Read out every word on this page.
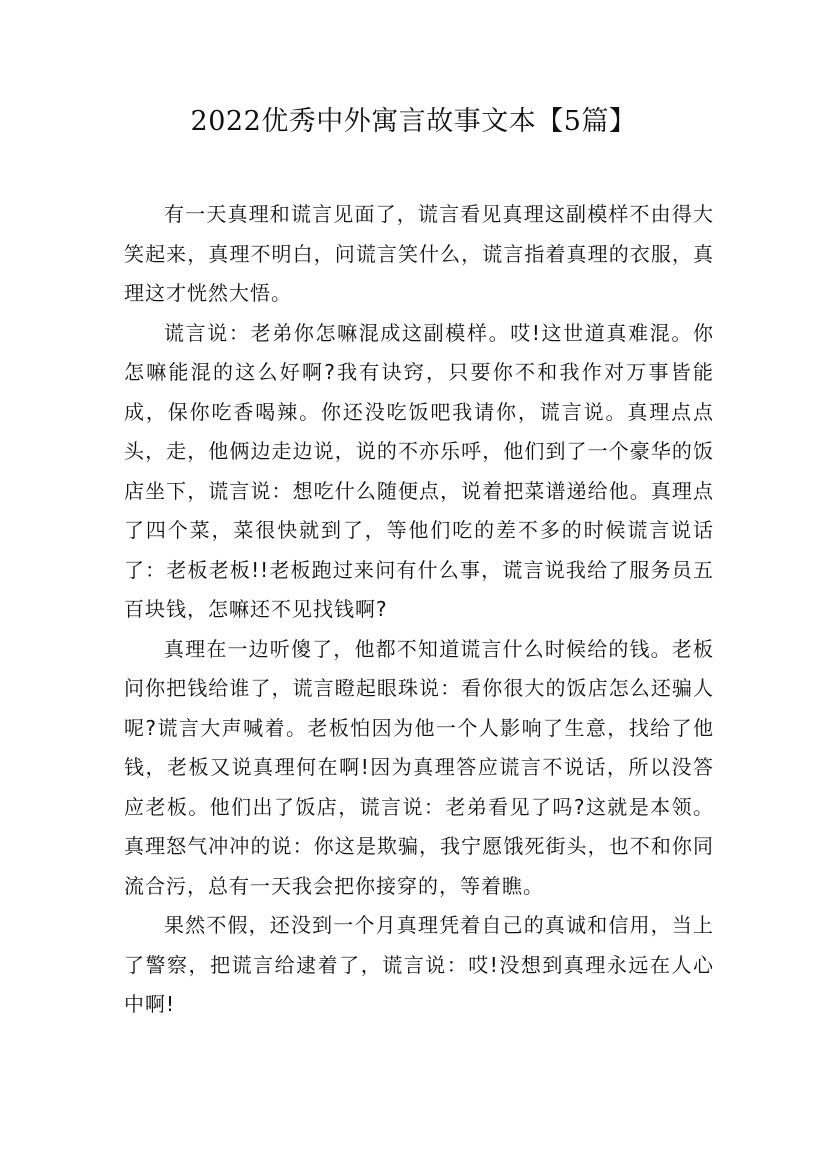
2022优秀中外寓言故事文本【5篇】

有一天真理和谎言见面了，谎言看见真理这副模样不由得大笑起来，真理不明白，问谎言笑什么，谎言指着真理的衣服，真理这才恍然大悟。

谎言说：老弟你怎嘛混成这副模样。哎!这世道真难混。你怎嘛能混的这么好啊?我有诀窍，只要你不和我作对万事皆能成，保你吃香喝辣。你还没吃饭吧我请你，谎言说。真理点点头，走，他俩边走边说，说的不亦乐呼，他们到了一个豪华的饭店坐下，谎言说：想吃什么随便点，说着把菜谱递给他。真理点了四个菜，菜很快就到了，等他们吃的差不多的时候谎言说话了：老板老板!!老板跑过来问有什么事，谎言说我给了服务员五百块钱，怎嘛还不见找钱啊?

真理在一边听傻了，他都不知道谎言什么时候给的钱。老板问你把钱给谁了，谎言瞪起眼珠说：看你很大的饭店怎么还骗人呢?谎言大声喊着。老板怕因为他一个人影响了生意，找给了他钱，老板又说真理何在啊!因为真理答应谎言不说话，所以没答应老板。他们出了饭店，谎言说：老弟看见了吗?这就是本领。真理怒气冲冲的说：你这是欺骗，我宁愿饿死街头，也不和你同流合污，总有一天我会把你接穿的，等着瞧。

果然不假，还没到一个月真理凭着自己的真诚和信用，当上了警察，把谎言给逮着了，谎言说：哎!没想到真理永远在人心中啊!
